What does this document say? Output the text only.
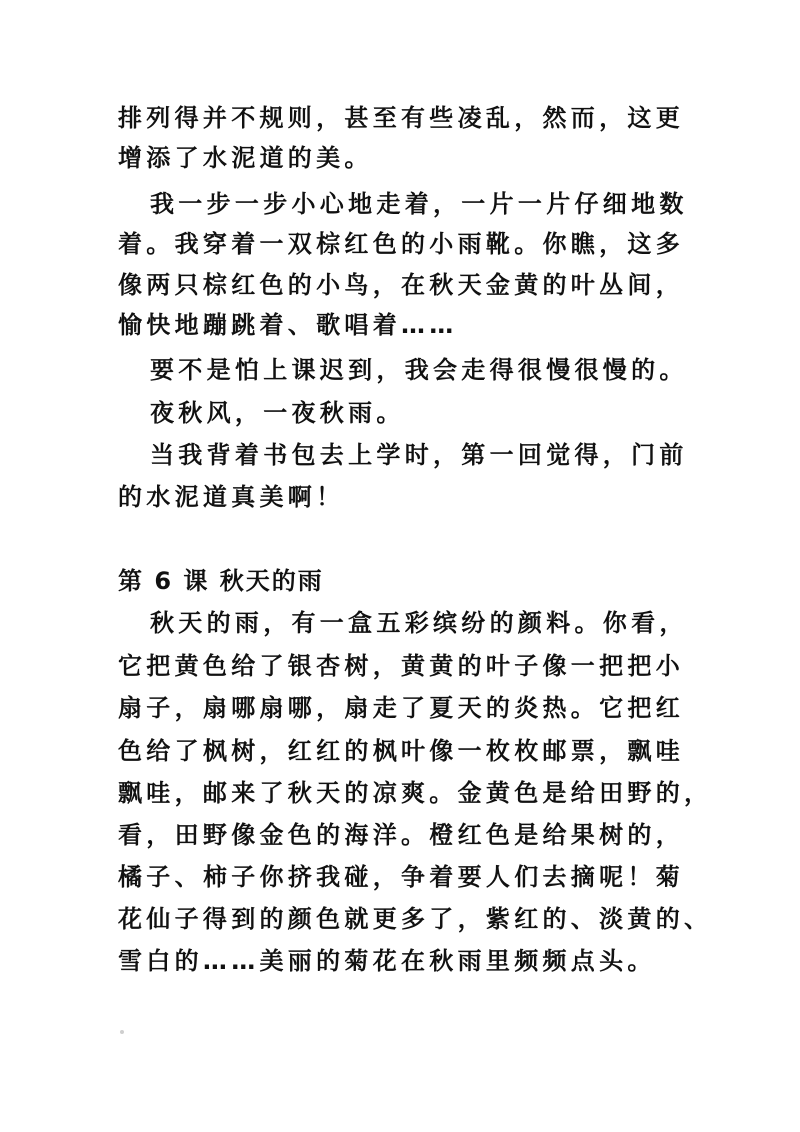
排列得并不规则，甚至有些凌乱，然而，这更
增添了水泥道的美。
我一步一步小心地走着，一片一片仔细地数
着。我穿着一双棕红色的小雨靴。你瞧，这多
像两只棕红色的小鸟，在秋天金黄的叶丛间，
愉快地蹦跳着、歌唱着……
要不是怕上课迟到，我会走得很慢很慢的。
夜秋风，一夜秋雨。
当我背着书包去上学时，第一回觉得，门前
的水泥道真美啊！
第 6 课 秋天的雨
秋天的雨，有一盒五彩缤纷的颜料。你看，
它把黄色给了银杏树，黄黄的叶子像一把把小
扇子，扇哪扇哪，扇走了夏天的炎热。它把红
色给了枫树，红红的枫叶像一枚枚邮票，飘哇
飘哇，邮来了秋天的凉爽。金黄色是给田野的，
看，田野像金色的海洋。橙红色是给果树的，
橘子、柿子你挤我碰，争着要人们去摘呢！菊
花仙子得到的颜色就更多了，紫红的、淡黄的、
雪白的……美丽的菊花在秋雨里频频点头。
